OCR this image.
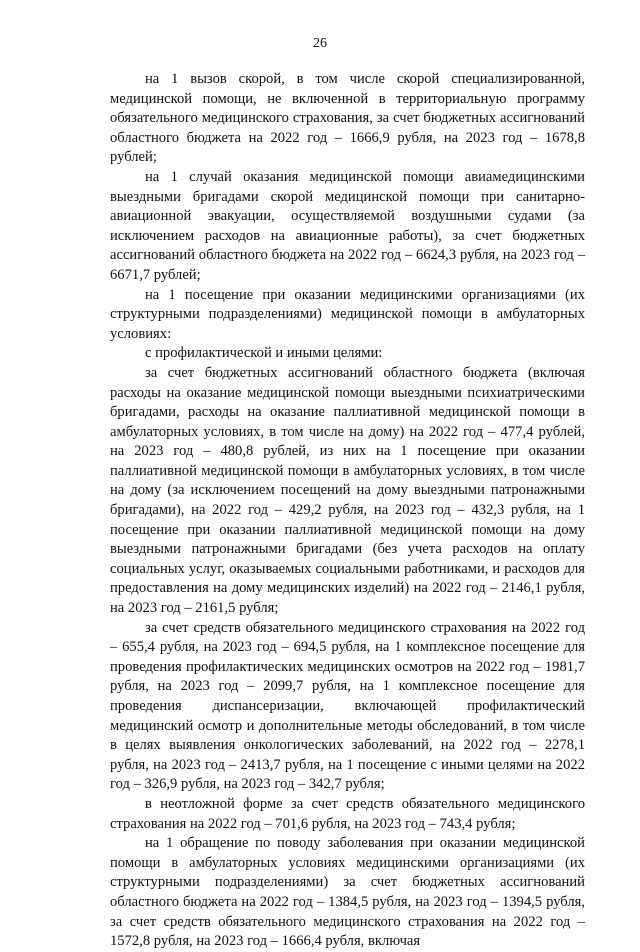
26

на 1 вызов скорой, в том числе скорой специализированной, медицинской помощи, не включенной в территориальную программу обязательного медицинского страхования, за счет бюджетных ассигнований областного бюджета на 2022 год – 1666,9 рубля, на 2023 год – 1678,8 рублей;

на 1 случай оказания медицинской помощи авиамедицинскими выездными бригадами скорой медицинской помощи при санитарно-авиационной эвакуации, осуществляемой воздушными судами (за исключением расходов на авиационные работы), за счет бюджетных ассигнований областного бюджета на 2022 год – 6624,3 рубля, на 2023 год – 6671,7 рублей;

на 1 посещение при оказании медицинскими организациями (их структурными подразделениями) медицинской помощи в амбулаторных условиях:

с профилактической и иными целями:

за счет бюджетных ассигнований областного бюджета (включая расходы на оказание медицинской помощи выездными психиатрическими бригадами, расходы на оказание паллиативной медицинской помощи в амбулаторных условиях, в том числе на дому) на 2022 год – 477,4 рублей, на 2023 год – 480,8 рублей, из них на 1 посещение при оказании паллиативной медицинской помощи в амбулаторных условиях, в том числе на дому (за исключением посещений на дому выездными патронажными бригадами), на 2022 год – 429,2 рубля, на 2023 год – 432,3 рубля, на 1 посещение при оказании паллиативной медицинской помощи на дому выездными патронажными бригадами (без учета расходов на оплату социальных услуг, оказываемых социальными работниками, и расходов для предоставления на дому медицинских изделий) на 2022 год – 2146,1 рубля, на 2023 год – 2161,5 рубля;

за счет средств обязательного медицинского страхования на 2022 год – 655,4 рубля, на 2023 год – 694,5 рубля, на 1 комплексное посещение для проведения профилактических медицинских осмотров на 2022 год – 1981,7 рубля, на 2023 год – 2099,7 рубля, на 1 комплексное посещение для проведения диспансеризации, включающей профилактический медицинский осмотр и дополнительные методы обследований, в том числе в целях выявления онкологических заболеваний, на 2022 год – 2278,1 рубля, на 2023 год – 2413,7 рубля, на 1 посещение с иными целями на 2022 год – 326,9 рубля, на 2023 год – 342,7 рубля;

в неотложной форме за счет средств обязательного медицинского страхования на 2022 год – 701,6 рубля, на 2023 год – 743,4 рубля;

на 1 обращение по поводу заболевания при оказании медицинской помощи в амбулаторных условиях медицинскими организациями (их структурными подразделениями) за счет бюджетных ассигнований областного бюджета на 2022 год – 1384,5 рубля, на 2023 год – 1394,5 рубля, за счет средств обязательного медицинского страхования на 2022 год – 1572,8 рубля, на 2023 год – 1666,4 рубля, включая
